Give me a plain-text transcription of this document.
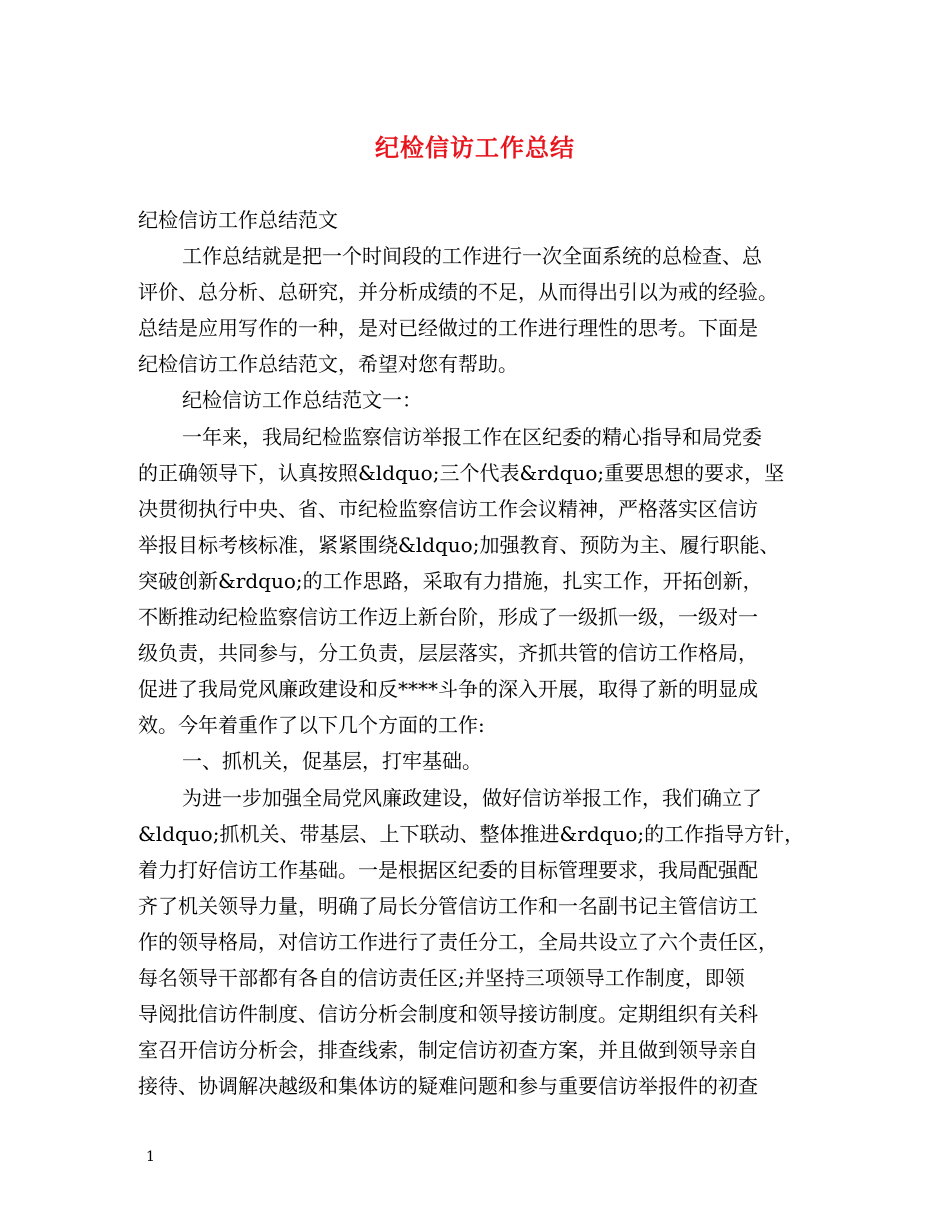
纪检信访工作总结
纪检信访工作总结范文
工作总结就是把一个时间段的工作进行一次全面系统的总检查、总
评价、总分析、总研究，并分析成绩的不足，从而得出引以为戒的经验。
总结是应用写作的一种，是对已经做过的工作进行理性的思考。下面是
纪检信访工作总结范文，希望对您有帮助。
纪检信访工作总结范文一：
一年来，我局纪检监察信访举报工作在区纪委的精心指导和局党委
的正确领导下，认真按照&ldquo;三个代表&rdquo;重要思想的要求，坚
决贯彻执行中央、省、市纪检监察信访工作会议精神，严格落实区信访
举报目标考核标准，紧紧围绕&ldquo;加强教育、预防为主、履行职能、
突破创新&rdquo;的工作思路，采取有力措施，扎实工作，开拓创新，
不断推动纪检监察信访工作迈上新台阶，形成了一级抓一级，一级对一
级负责，共同参与，分工负责，层层落实，齐抓共管的信访工作格局，
促进了我局党风廉政建设和反****斗争的深入开展，取得了新的明显成
效。今年着重作了以下几个方面的工作:
一、抓机关，促基层，打牢基础。
为进一步加强全局党风廉政建设，做好信访举报工作，我们确立了
&ldquo;抓机关、带基层、上下联动、整体推进&rdquo;的工作指导方针，
着力打好信访工作基础。一是根据区纪委的目标管理要求，我局配强配
齐了机关领导力量，明确了局长分管信访工作和一名副书记主管信访工
作的领导格局，对信访工作进行了责任分工，全局共设立了六个责任区，
每名领导干部都有各自的信访责任区;并坚持三项领导工作制度，即领
导阅批信访件制度、信访分析会制度和领导接访制度。定期组织有关科
室召开信访分析会，排查线索，制定信访初查方案，并且做到领导亲自
接待、协调解决越级和集体访的疑难问题和参与重要信访举报件的初查
1
